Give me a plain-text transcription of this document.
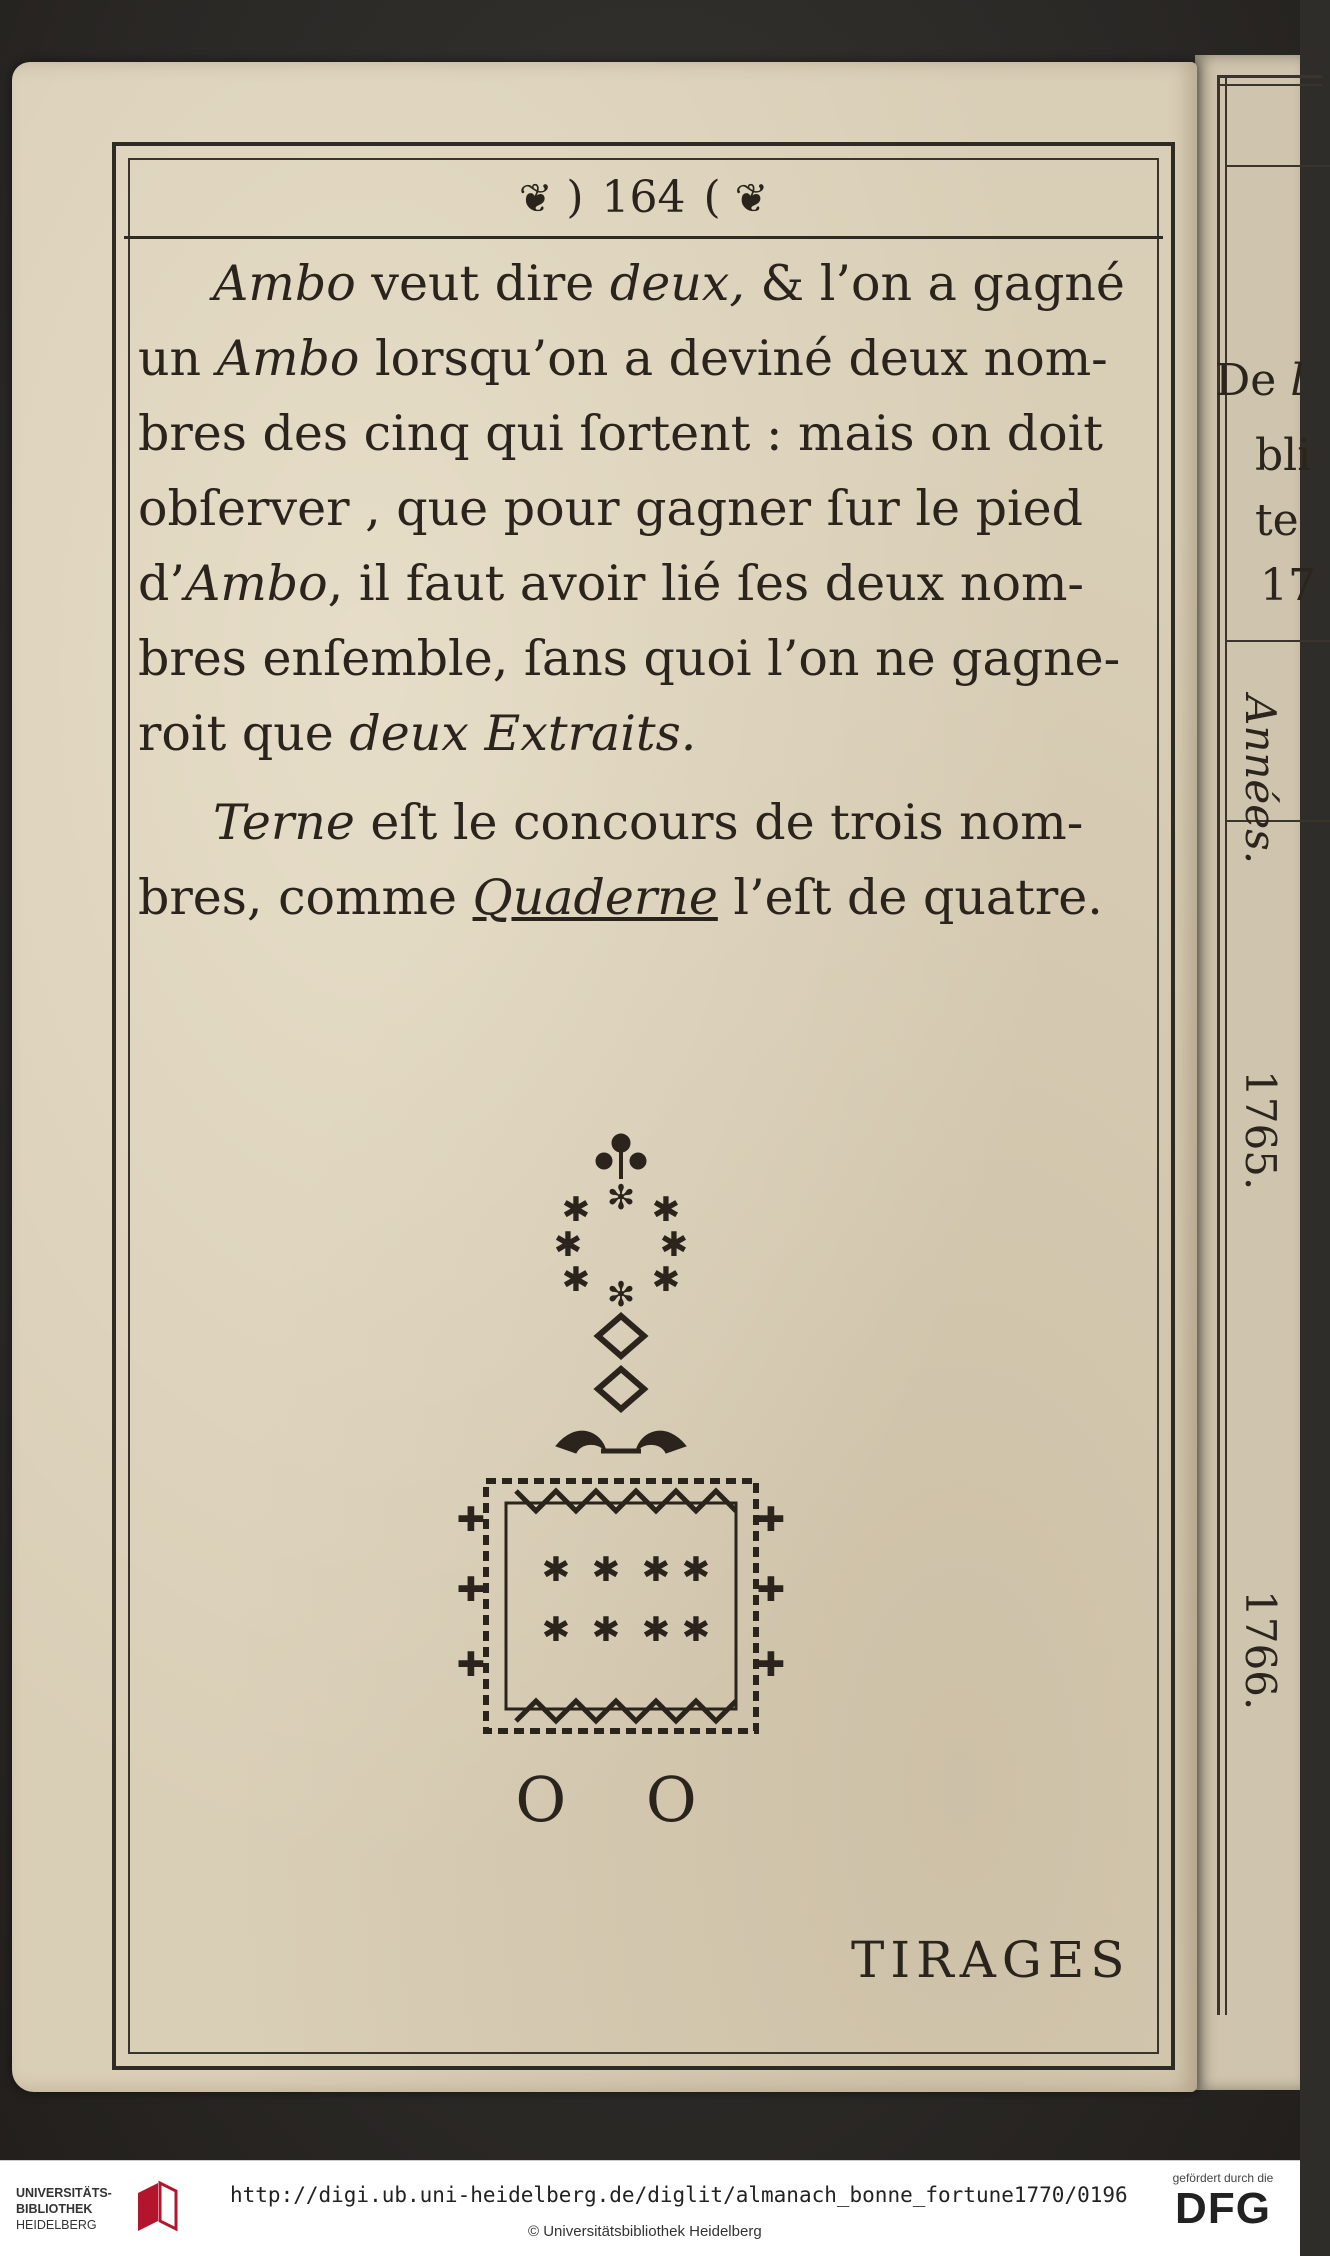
De l
bli
te
17
Années.
1765.
1766.
❦ ) 164 ( ❦

Ambo veut dire deux, & l’on a gagné
un Ambo lorsqu’on a deviné deux nom-
bres des cinq qui ſortent : mais on doit
obſerver , que pour gagner ſur le pied
d’Ambo, il faut avoir lié ſes deux nom-
bres enſemble, ſans quoi l’on ne gagne-
roit que deux Extraits.

Terne eſt le concours de trois nom-
bres, comme Quaderne l’eſt de quatre.

✱ ✱
✻
✱ ✱
✱ ✱
✻
✱ ✱ ✱ ✱
✱ ✱ ✱ ✱
✚	✚
✚	✚
✚	✚
O O
TIRAGES
UNIVERSITÄTS-
BIBLIOTHEK
HEIDELBERG
http://digi.ub.uni-heidelberg.de/diglit/almanach_bonne_fortune1770/0196
© Universitätsbibliothek Heidelberg
gefördert durch die
DFG
